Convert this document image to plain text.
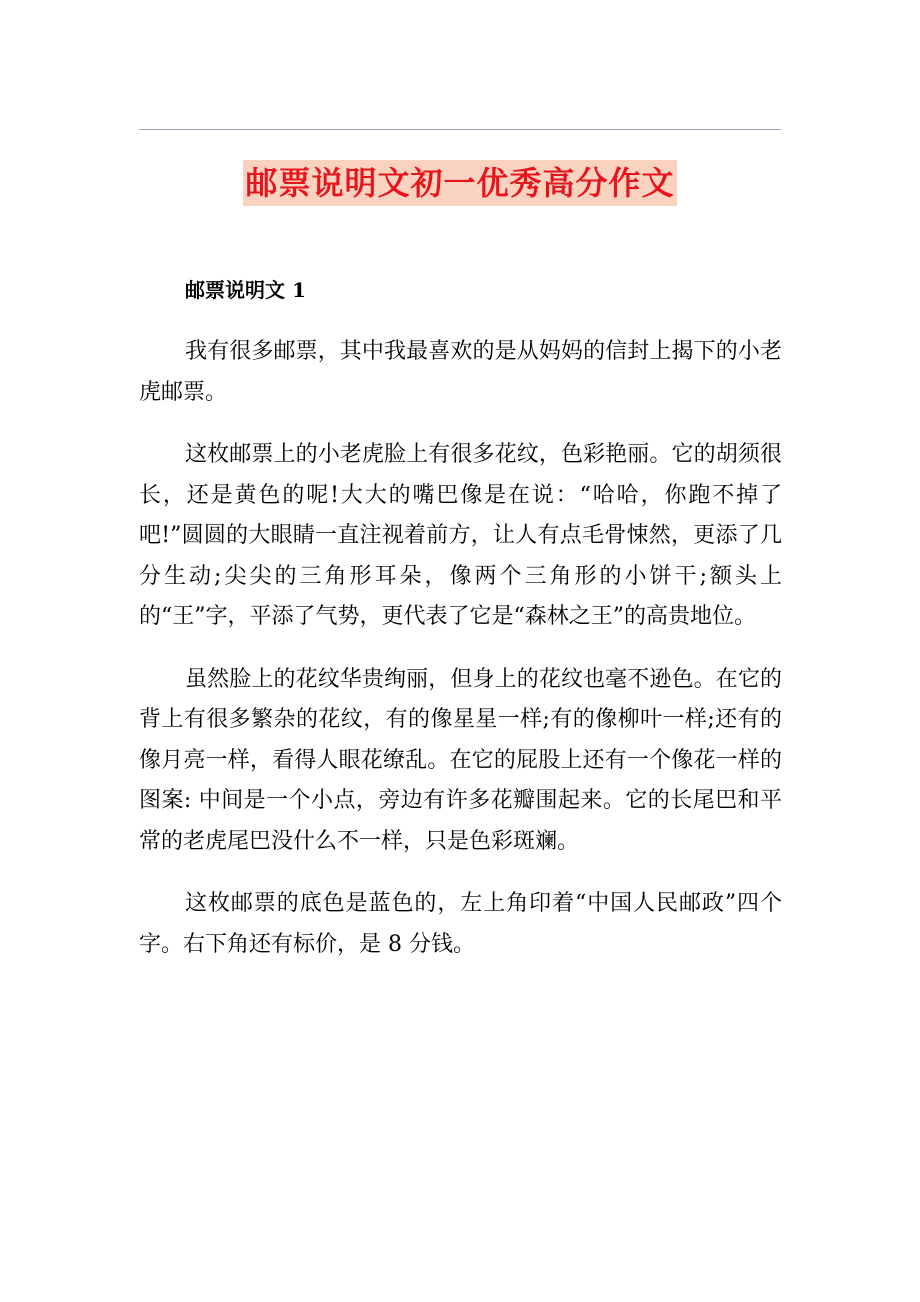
邮票说明文初一优秀高分作文

邮票说明文 1

我有很多邮票，其中我最喜欢的是从妈妈的信封上揭下的小老虎邮票。

这枚邮票上的小老虎脸上有很多花纹，色彩艳丽。它的胡须很长，还是黄色的呢!大大的嘴巴像是在说：“哈哈，你跑不掉了吧!”圆圆的大眼睛一直注视着前方，让人有点毛骨悚然，更添了几分生动;尖尖的三角形耳朵，像两个三角形的小饼干;额头上的“王”字，平添了气势，更代表了它是“森林之王”的高贵地位。

虽然脸上的花纹华贵绚丽，但身上的花纹也毫不逊色。在它的背上有很多繁杂的花纹，有的像星星一样;有的像柳叶一样;还有的像月亮一样，看得人眼花缭乱。在它的屁股上还有一个像花一样的图案: 中间是一个小点，旁边有许多花瓣围起来。它的长尾巴和平常的老虎尾巴没什么不一样，只是色彩斑斓。

这枚邮票的底色是蓝色的，左上角印着“中国人民邮政”四个字。右下角还有标价，是 8 分钱。
